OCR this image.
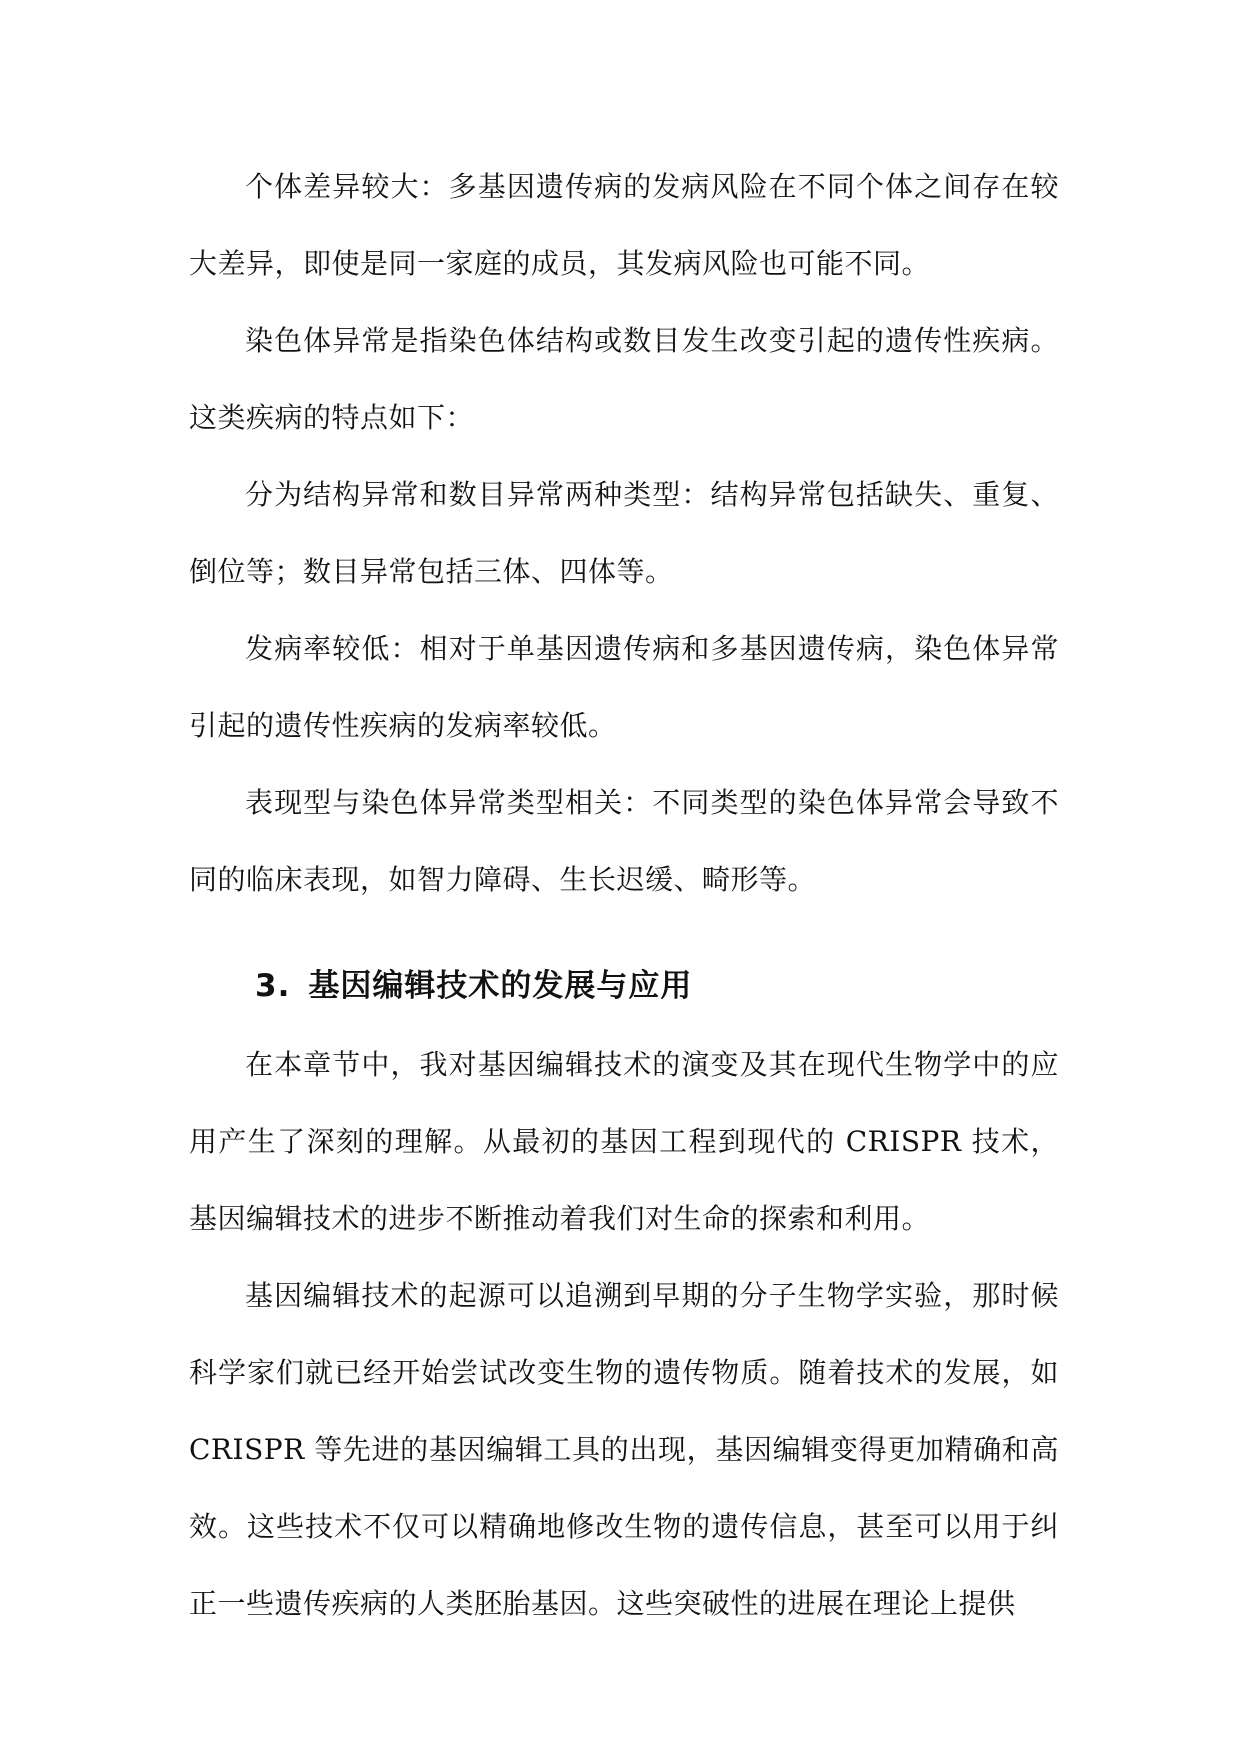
个体差异较大：多基因遗传病的发病风险在不同个体之间存在较大差异，即使是同一家庭的成员，其发病风险也可能不同。

染色体异常是指染色体结构或数目发生改变引起的遗传性疾病。这类疾病的特点如下：

分为结构异常和数目异常两种类型：结构异常包括缺失、重复、倒位等；数目异常包括三体、四体等。

发病率较低：相对于单基因遗传病和多基因遗传病，染色体异常引起的遗传性疾病的发病率较低。

表现型与染色体异常类型相关：不同类型的染色体异常会导致不同的临床表现，如智力障碍、生长迟缓、畸形等。

3. 基因编辑技术的发展与应用

在本章节中，我对基因编辑技术的演变及其在现代生物学中的应用产生了深刻的理解。从最初的基因工程到现代的 CRISPR 技术，基因编辑技术的进步不断推动着我们对生命的探索和利用。

基因编辑技术的起源可以追溯到早期的分子生物学实验，那时候科学家们就已经开始尝试改变生物的遗传物质。随着技术的发展，如 CRISPR 等先进的基因编辑工具的出现，基因编辑变得更加精确和高效。这些技术不仅可以精确地修改生物的遗传信息，甚至可以用于纠正一些遗传疾病的人类胚胎基因。这些突破性的进展在理论上提供
